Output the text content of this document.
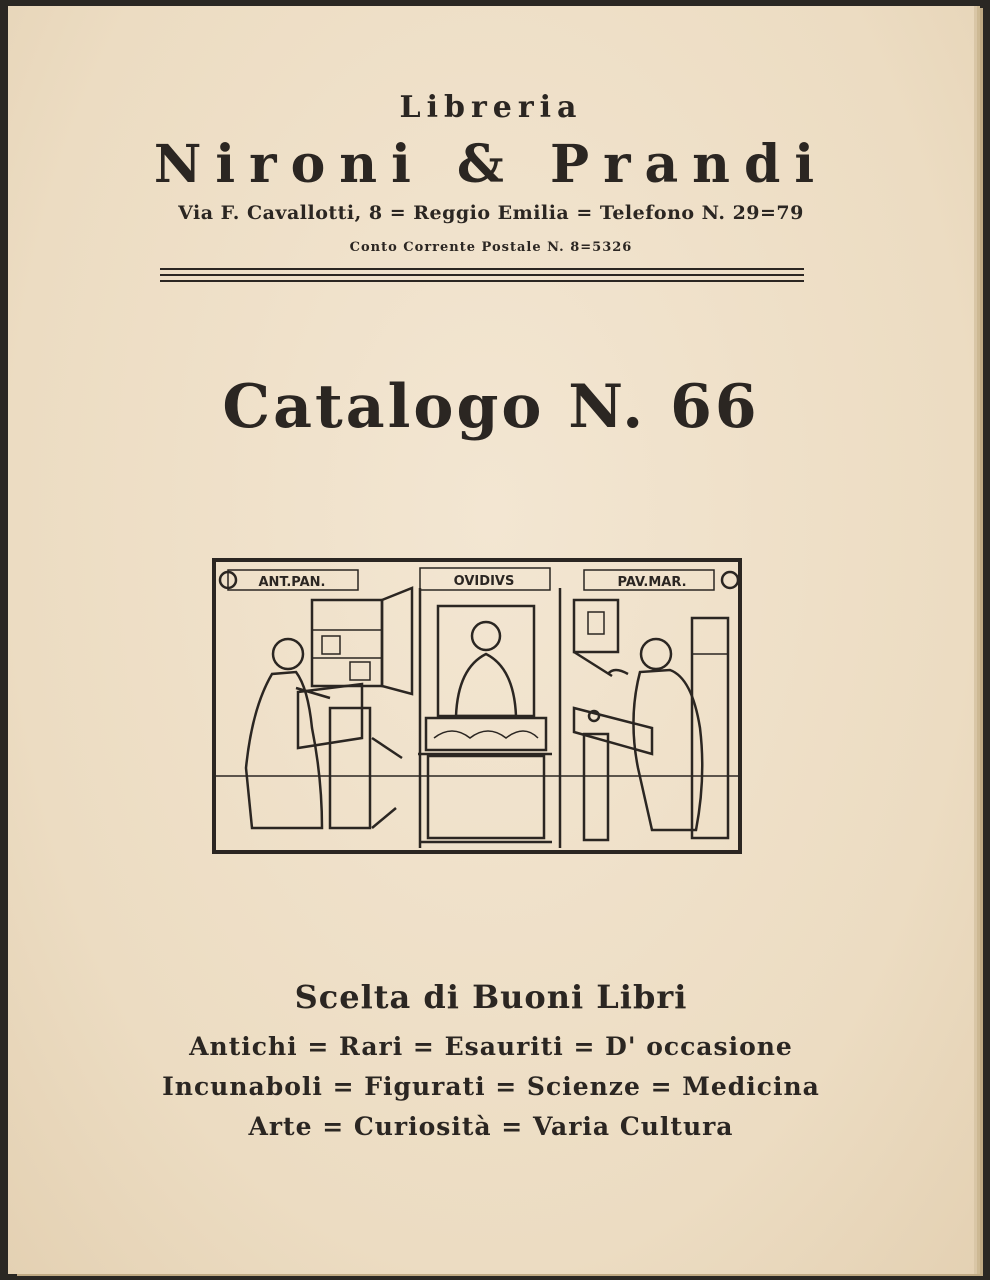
Libreria
Nironi & Prandi
Via F. Cavallotti, 8 = Reggio Emilia = Telefono N. 29=79
Conto Corrente Postale N. 8=5326
Catalogo N. 66
ANT.PAN.	OVIDIVS	PAV.MAR.
Scelta di Buoni Libri
Antichi = Rari = Esauriti = D' occasione
Incunaboli = Figurati = Scienze = Medicina
Arte = Curiosità = Varia Cultura
